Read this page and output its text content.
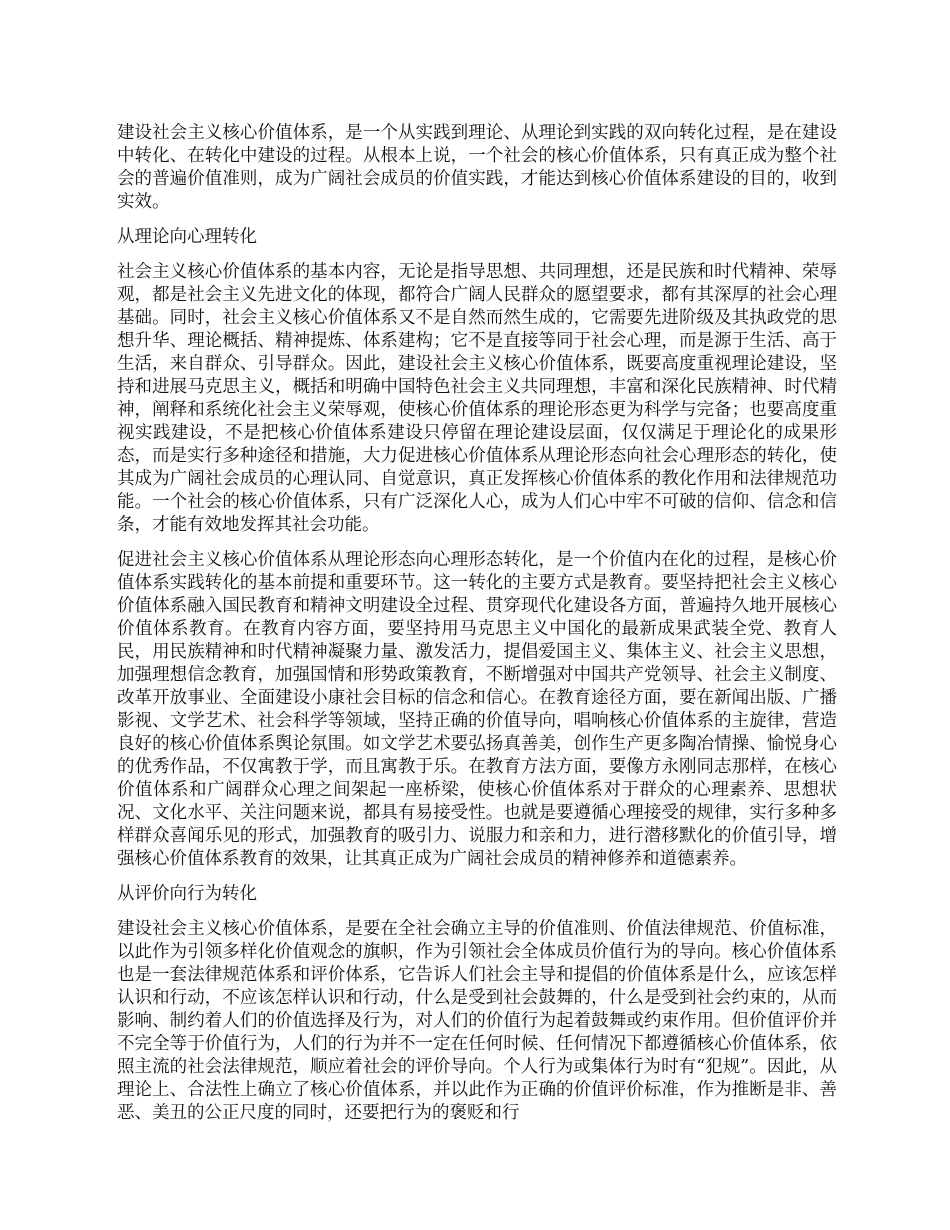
建设社会主义核心价值体系，是一个从实践到理论、从理论到实践的双向转化过程，是在建设中转化、在转化中建设的过程。从根本上说，一个社会的核心价值体系，只有真正成为整个社会的普遍价值准则，成为广阔社会成员的价值实践，才能达到核心价值体系建设的目的，收到实效。

从理论向心理转化

社会主义核心价值体系的基本内容，无论是指导思想、共同理想，还是民族和时代精神、荣辱观，都是社会主义先进文化的体现，都符合广阔人民群众的愿望要求，都有其深厚的社会心理基础。同时，社会主义核心价值体系又不是自然而然生成的，它需要先进阶级及其执政党的思想升华、理论概括、精神提炼、体系建构；它不是直接等同于社会心理，而是源于生活、高于生活，来自群众、引导群众。因此，建设社会主义核心价值体系，既要高度重视理论建设，坚持和进展马克思主义，概括和明确中国特色社会主义共同理想，丰富和深化民族精神、时代精神，阐释和系统化社会主义荣辱观，使核心价值体系的理论形态更为科学与完备；也要高度重视实践建设，不是把核心价值体系建设只停留在理论建设层面，仅仅满足于理论化的成果形态，而是实行多种途径和措施，大力促进核心价值体系从理论形态向社会心理形态的转化，使其成为广阔社会成员的心理认同、自觉意识，真正发挥核心价值体系的教化作用和法律规范功能。一个社会的核心价值体系，只有广泛深化人心，成为人们心中牢不可破的信仰、信念和信条，才能有效地发挥其社会功能。

促进社会主义核心价值体系从理论形态向心理形态转化，是一个价值内在化的过程，是核心价值体系实践转化的基本前提和重要环节。这一转化的主要方式是教育。要坚持把社会主义核心价值体系融入国民教育和精神文明建设全过程、贯穿现代化建设各方面，普遍持久地开展核心价值体系教育。在教育内容方面，要坚持用马克思主义中国化的最新成果武装全党、教育人民，用民族精神和时代精神凝聚力量、激发活力，提倡爱国主义、集体主义、社会主义思想，加强理想信念教育，加强国情和形势政策教育，不断增强对中国共产党领导、社会主义制度、改革开放事业、全面建设小康社会目标的信念和信心。在教育途径方面，要在新闻出版、广播影视、文学艺术、社会科学等领域，坚持正确的价值导向，唱响核心价值体系的主旋律，营造良好的核心价值体系舆论氛围。如文学艺术要弘扬真善美，创作生产更多陶冶情操、愉悦身心的优秀作品，不仅寓教于学，而且寓教于乐。在教育方法方面，要像方永刚同志那样，在核心价值体系和广阔群众心理之间架起一座桥梁，使核心价值体系对于群众的心理素养、思想状况、文化水平、关注问题来说，都具有易接受性。也就是要遵循心理接受的规律，实行多种多样群众喜闻乐见的形式，加强教育的吸引力、说服力和亲和力，进行潜移默化的价值引导，增强核心价值体系教育的效果，让其真正成为广阔社会成员的精神修养和道德素养。

从评价向行为转化

建设社会主义核心价值体系，是要在全社会确立主导的价值准则、价值法律规范、价值标准，以此作为引领多样化价值观念的旗帜，作为引领社会全体成员价值行为的导向。核心价值体系也是一套法律规范体系和评价体系，它告诉人们社会主导和提倡的价值体系是什么，应该怎样认识和行动，不应该怎样认识和行动，什么是受到社会鼓舞的，什么是受到社会约束的，从而影响、制约着人们的价值选择及行为，对人们的价值行为起着鼓舞或约束作用。但价值评价并不完全等于价值行为，人们的行为并不一定在任何时候、任何情况下都遵循核心价值体系，依照主流的社会法律规范，顺应着社会的评价导向。个人行为或集体行为时有“犯规”。因此，从理论上、合法性上确立了核心价值体系，并以此作为正确的价值评价标准，作为推断是非、善恶、美丑的公正尺度的同时，还要把行为的褒贬和行
